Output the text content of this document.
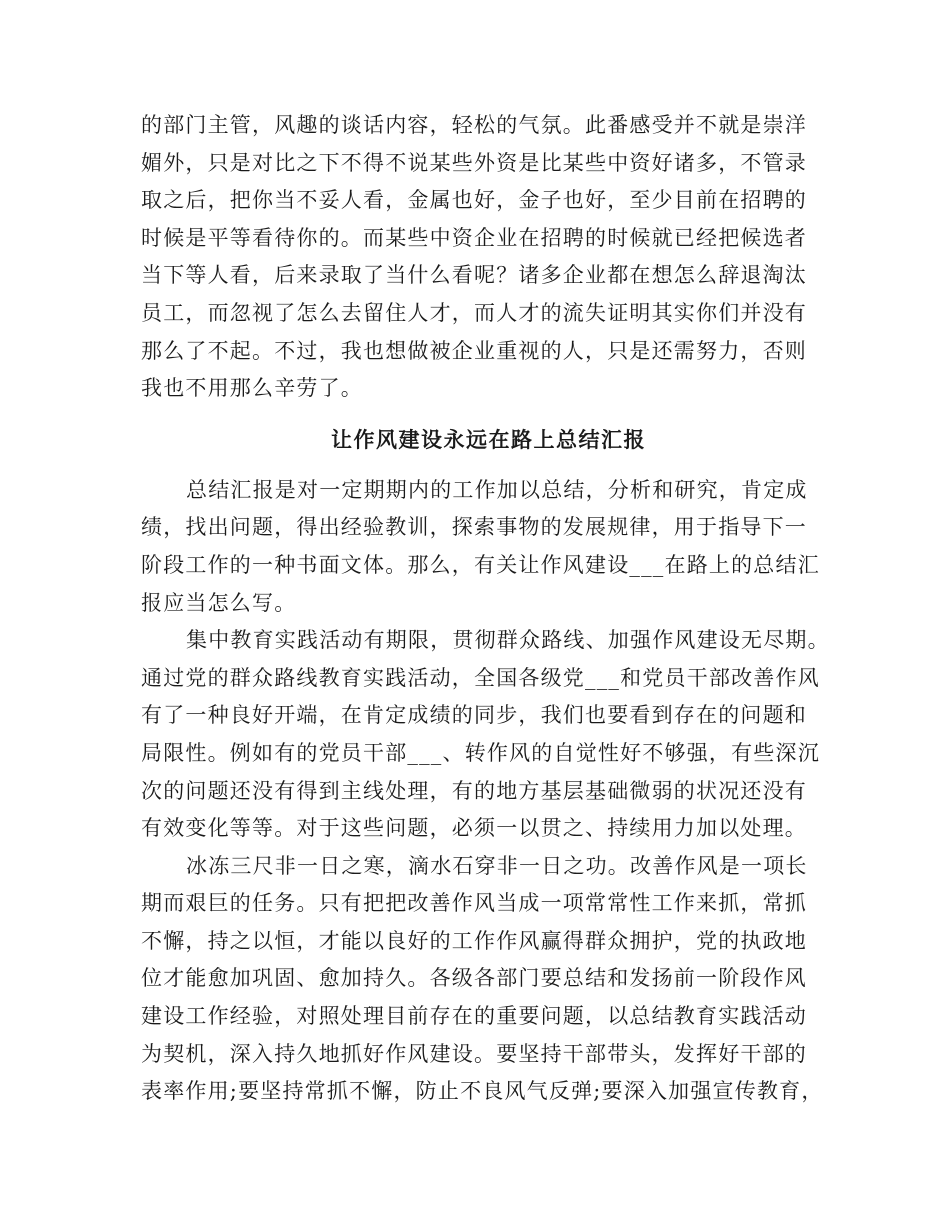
的部门主管，风趣的谈话内容，轻松的气氛。此番感受并不就是崇洋
媚外，只是对比之下不得不说某些外资是比某些中资好诸多，不管录
取之后，把你当不妥人看，金属也好，金子也好，至少目前在招聘的
时候是平等看待你的。而某些中资企业在招聘的时候就已经把候选者
当下等人看，后来录取了当什么看呢？诸多企业都在想怎么辞退淘汰
员工，而忽视了怎么去留住人才，而人才的流失证明其实你们并没有
那么了不起。不过，我也想做被企业重视的人，只是还需努力，否则
我也不用那么辛劳了。
让作风建设永远在路上总结汇报
总结汇报是对一定期期内的工作加以总结，分析和研究，肯定成
绩，找出问题，得出经验教训，探索事物的发展规律，用于指导下一
阶段工作的一种书面文体。那么，有关让作风建设___在路上的总结汇
报应当怎么写。
集中教育实践活动有期限，贯彻群众路线、加强作风建设无尽期。
通过党的群众路线教育实践活动，全国各级党___和党员干部改善作风
有了一种良好开端，在肯定成绩的同步，我们也要看到存在的问题和
局限性。例如有的党员干部___、转作风的自觉性好不够强，有些深沉
次的问题还没有得到主线处理，有的地方基层基础微弱的状况还没有
有效变化等等。对于这些问题，必须一以贯之、持续用力加以处理。
冰冻三尺非一日之寒，滴水石穿非一日之功。改善作风是一项长
期而艰巨的任务。只有把把改善作风当成一项常常性工作来抓，常抓
不懈，持之以恒，才能以良好的工作作风赢得群众拥护，党的执政地
位才能愈加巩固、愈加持久。各级各部门要总结和发扬前一阶段作风
建设工作经验，对照处理目前存在的重要问题，以总结教育实践活动
为契机，深入持久地抓好作风建设。要坚持干部带头，发挥好干部的
表率作用;要坚持常抓不懈，防止不良风气反弹;要深入加强宣传教育，
